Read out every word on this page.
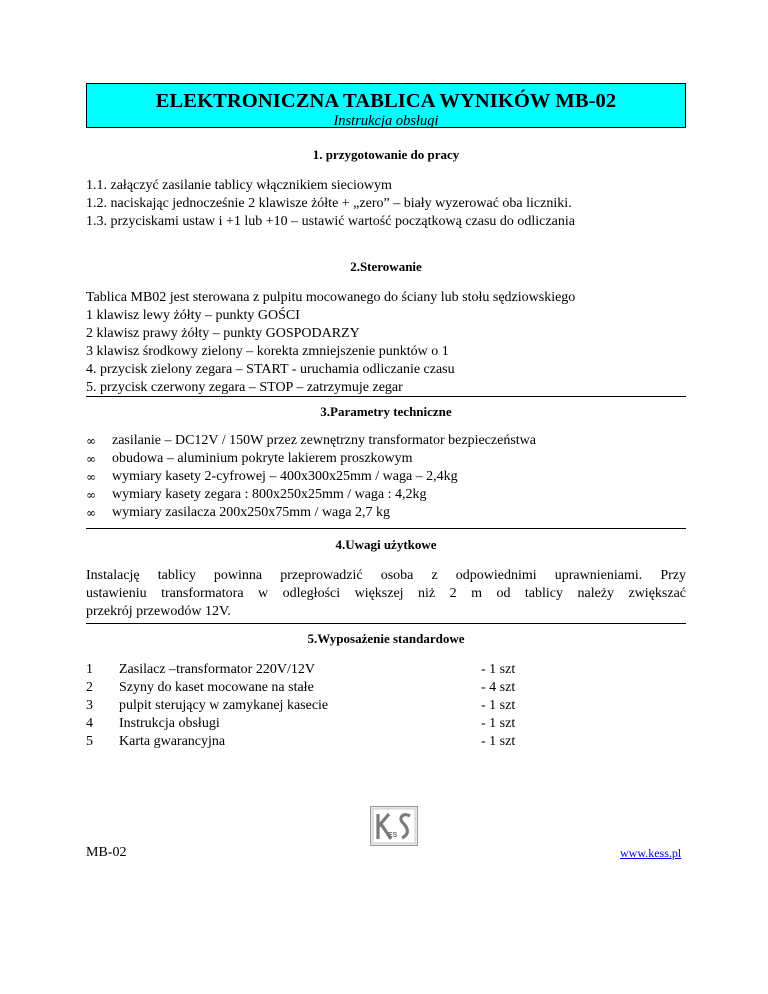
ELEKTRONICZNA TABLICA WYNIKÓW MB-02
Instrukcja obsługi
1. przygotowanie do pracy
1.1. załączyć zasilanie tablicy włącznikiem sieciowym
1.2. naciskając jednocześnie 2 klawisze żółte + „zero” – biały wyzerować oba liczniki.
1.3. przyciskami ustaw i +1 lub +10 – ustawić wartość początkową czasu do odliczania
2.Sterowanie
Tablica MB02 jest sterowana z pulpitu mocowanego do ściany lub stołu sędziowskiego
1 klawisz lewy żółty – punkty GOŚCI
2 klawisz prawy żółty – punkty GOSPODARZY
3 klawisz środkowy zielony – korekta zmniejszenie punktów o 1
4. przycisk zielony zegara – START - uruchamia odliczanie czasu
5. przycisk czerwony zegara – STOP – zatrzymuje zegar
3.Parametry techniczne
∞ zasilanie – DC12V / 150W przez zewnętrzny transformator bezpieczeństwa
∞ obudowa – aluminium pokryte lakierem proszkowym
∞ wymiary kasety 2-cyfrowej – 400x300x25mm / waga – 2,4kg
∞ wymiary kasety zegara : 800x250x25mm / waga : 4,2kg
∞ wymiary zasilacza 200x250x75mm / waga 2,7 kg
4.Uwagi użytkowe
Instalację tablicy powinna przeprowadzić osoba z odpowiednimi uprawnieniami. Przy
ustawieniu transformatora w odległości większej niż 2 m od tablicy należy zwiększać
przekrój przewodów 12V.
5.Wyposażenie standardowe
1	Zasilacz –transformator 220V/12V	- 1 szt
2	Szyny do kaset mocowane na stałe	- 4 szt
3	pulpit sterujący w zamykanej kasecie	- 1 szt
4	Instrukcja obsługi	- 1 szt
5	Karta gwarancyjna	- 1 szt
ES
MB-02	www.kess.pl
